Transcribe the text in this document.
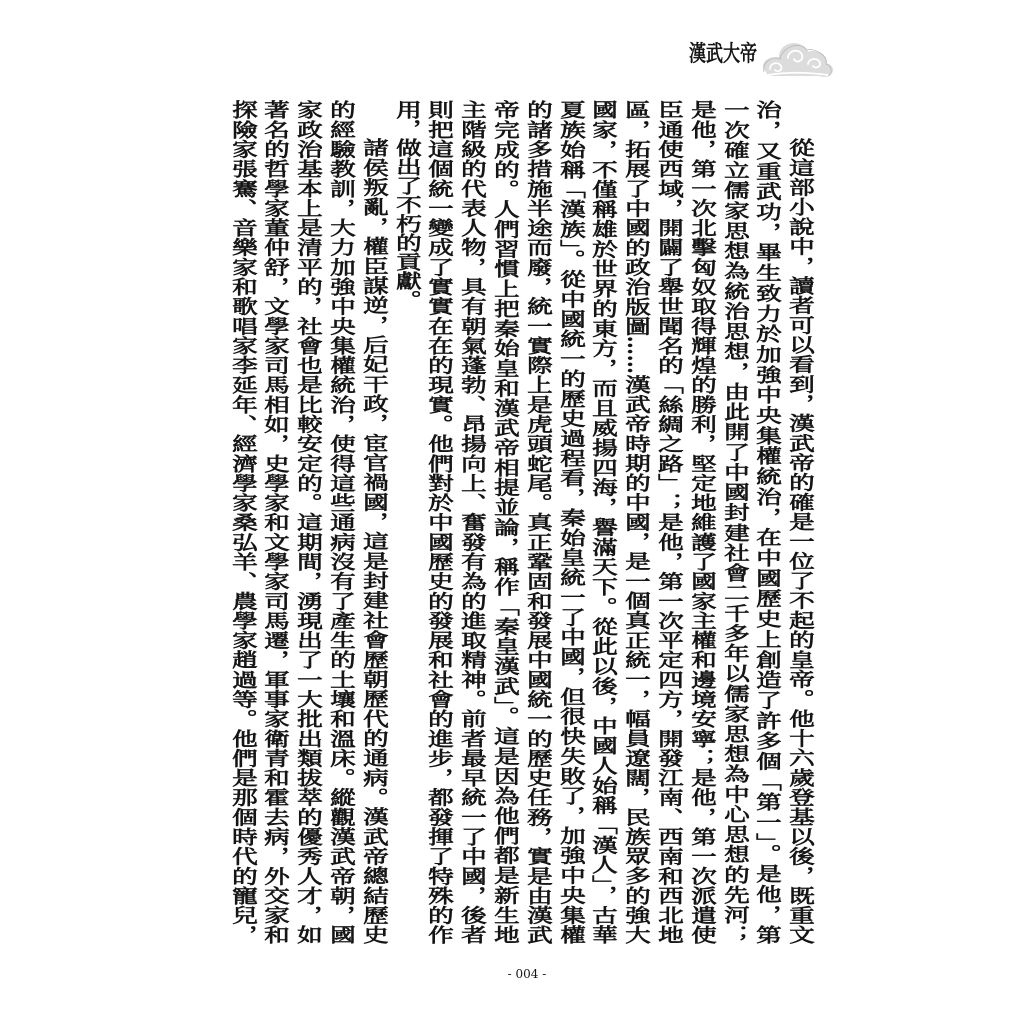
漢武大帝
從這部小說中，讀者可以看到，漢武帝的確是一位了不起的皇帝。他十六歲登基以後，既重文
治，又重武功，畢生致力於加強中央集權統治，在中國歷史上創造了許多個「第一」。是他，第
一次確立儒家思想為統治思想，由此開了中國封建社會二千多年以儒家思想為中心思想的先河；
是他，第一次北擊匈奴取得輝煌的勝利，堅定地維護了國家主權和邊境安寧；是他，第一次派遣使
臣通使西域，開闢了舉世聞名的「絲綢之路」；是他，第一次平定四方，開發江南、西南和西北地
區，拓展了中國的政治版圖……漢武帝時期的中國，是一個真正統一，幅員遼闊，民族眾多的強大
國家，不僅稱雄於世界的東方，而且威揚四海，譽滿天下。從此以後，中國人始稱「漢人」，古華
夏族始稱「漢族」。從中國統一的歷史過程看，秦始皇統一了中國，但很快失敗了，加強中央集權
的諸多措施半途而廢，統一實際上是虎頭蛇尾。真正鞏固和發展中國統一的歷史任務，實是由漢武
帝完成的。人們習慣上把秦始皇和漢武帝相提並論，稱作「秦皇漢武」。這是因為他們都是新生地
主階級的代表人物，具有朝氣蓬勃、昂揚向上、奮發有為的進取精神。前者最早統一了中國，後者
則把這個統一變成了實實在在的現實。他們對於中國歷史的發展和社會的進步，都發揮了特殊的作
用，做出了不朽的貢獻。
諸侯叛亂，權臣謀逆，后妃干政，宦官禍國，這是封建社會歷朝歷代的通病。漢武帝總結歷史
的經驗教訓，大力加強中央集權統治，使得這些通病沒有了產生的土壤和溫床。縱觀漢武帝朝，國
家政治基本上是清平的，社會也是比較安定的。這期間，湧現出了一大批出類拔萃的優秀人才，如
著名的哲學家董仲舒，文學家司馬相如，史學家和文學家司馬遷，軍事家衛青和霍去病，外交家和
探險家張騫、音樂家和歌唱家李延年、經濟學家桑弘羊、農學家趙過等。他們是那個時代的寵兒，
- 004 -
